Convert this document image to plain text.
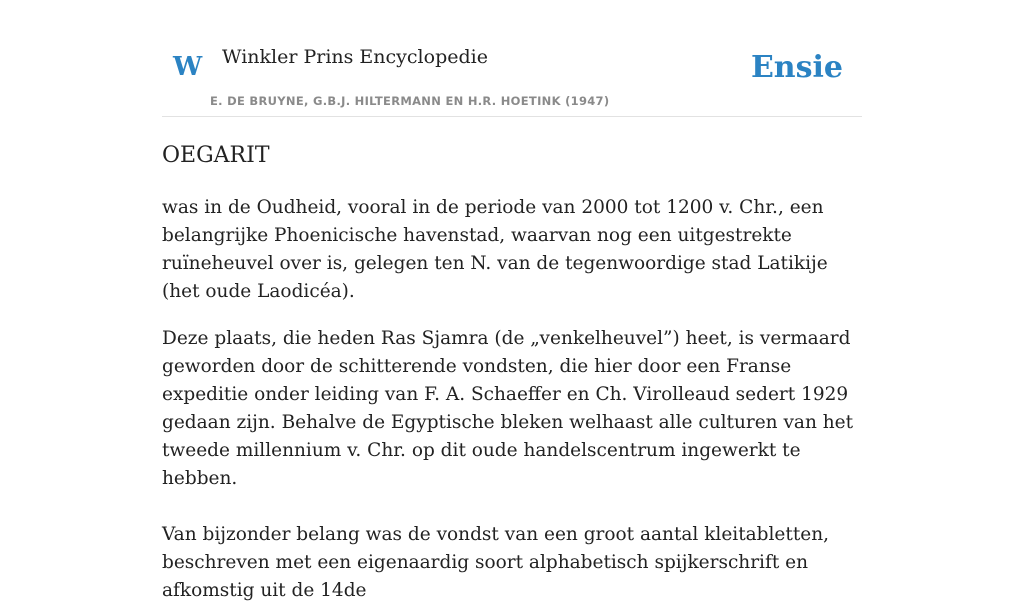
W Winkler Prins Encyclopedie
E. DE BRUYNE, G.B.J. HILTERMANN EN H.R. HOETINK (1947)
Ensie
OEGARIT

was in de Oudheid, vooral in de periode van 2000 tot 1200 v. Chr., een belangrijke Phoenicische havenstad, waarvan nog een uitgestrekte ruïneheuvel over is, gelegen ten N. van de tegenwoordige stad Latikije (het oude Laodicéa).

Deze plaats, die heden Ras Sjamra (de „venkelheuvel”) heet, is vermaard geworden door de schitterende vondsten, die hier door een Franse expeditie onder leiding van F. A. Schaeffer en Ch. Virolleaud sedert 1929 gedaan zijn. Behalve de Egyptische bleken welhaast alle culturen van het tweede millennium v. Chr. op dit oude handelscentrum ingewerkt te hebben.

Van bijzonder belang was de vondst van een groot aantal kleitabletten, beschreven met een eigenaardig soort alphabetisch spijkerschrift en afkomstig uit de 14de
